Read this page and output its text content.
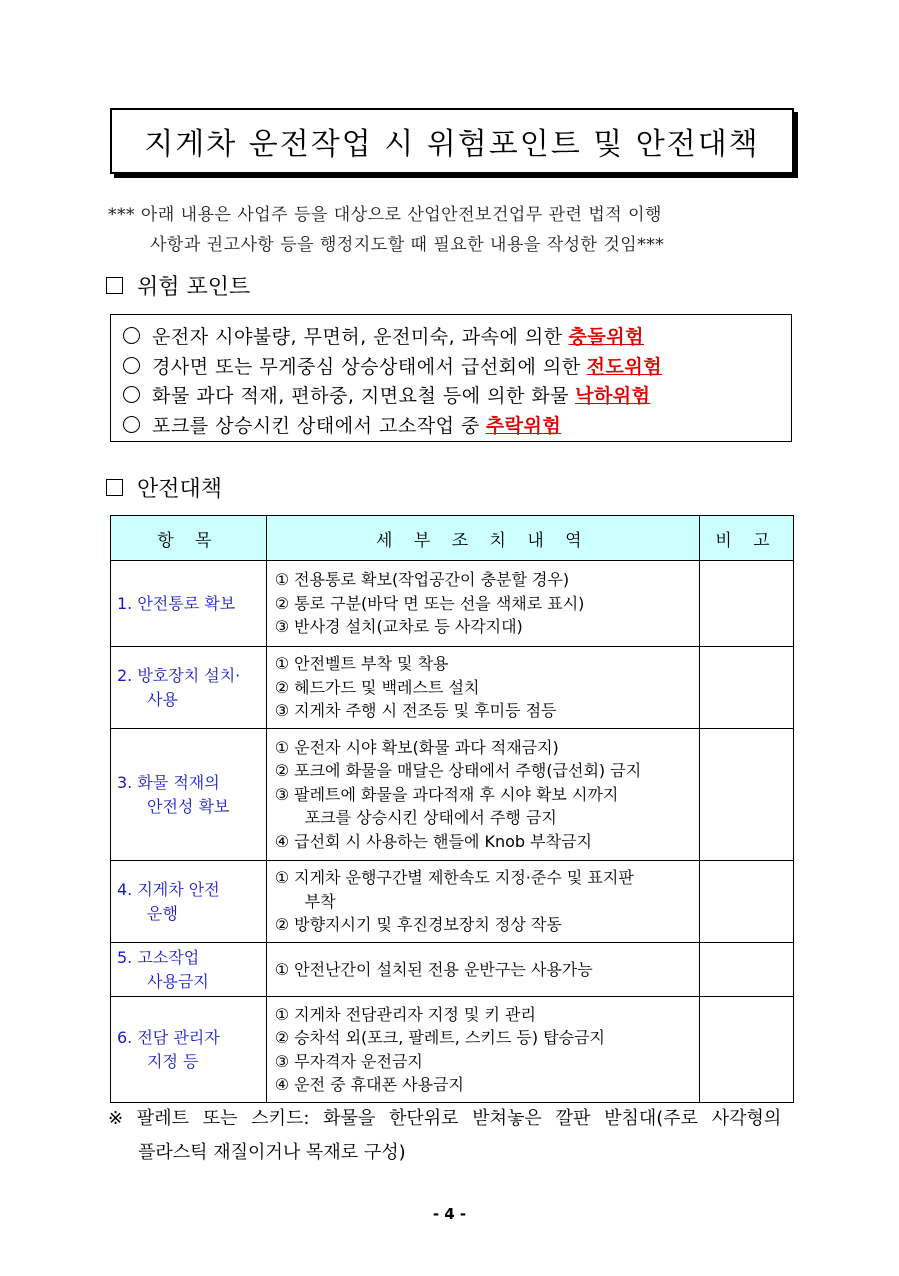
지게차 운전작업 시 위험포인트 및 안전대책
*** 아래 내용은 사업주 등을 대상으로 산업안전보건업무 관련 법적 이행
사항과 권고사항 등을 행정지도할 때 필요한 내용을 작성한 것임***
위험 포인트
운전자 시야불량, 무면허, 운전미숙, 과속에 의한 충돌위험
경사면 또는 무게중심 상승상태에서 급선회에 의한 전도위험
화물 과다 적재, 편하중, 지면요철 등에 의한 화물 낙하위험
포크를 상승시킨 상태에서 고소작업 중 추락위험
안전대책
항 목	세 부 조 치 내 역	비 고
1. 안전통로 확보	① 전용통로 확보(작업공간이 충분할 경우)
② 통로 구분(바닥 면 또는 선을 색채로 표시)
③ 반사경 설치(교차로 등 사각지대)	

2. 방호장치 설치·
사용	① 안전벨트 부착 및 착용
② 헤드가드 및 백레스트 설치
③ 지게차 주행 시 전조등 및 후미등 점등	

3. 화물 적재의
안전성 확보	① 운전자 시야 확보(화물 과다 적재금지)
② 포크에 화물을 매달은 상태에서 주행(급선회) 금지
③ 팔레트에 화물을 과다적재 후 시야 확보 시까지
포크를 상승시킨 상태에서 주행 금지
④ 급선회 시 사용하는 핸들에 Knob 부착금지	

4. 지게차 안전
운행	① 지게차 운행구간별 제한속도 지정·준수 및 표지판
부착
② 방향지시기 및 후진경보장치 정상 작동	

5. 고소작업
사용금지	① 안전난간이 설치된 전용 운반구는 사용가능	

6. 전담 관리자
지정 등	① 지게차 전담관리자 지정 및 키 관리
② 승차석 외(포크, 팔레트, 스키드 등) 탑승금지
③ 무자격자 운전금지
④ 운전 중 휴대폰 사용금지	

※ 팔레트 또는 스키드: 화물을 한단위로 받쳐놓은 깔판 받침대(주로 사각형의
플라스틱 재질이거나 목재로 구성)
- 4 -
